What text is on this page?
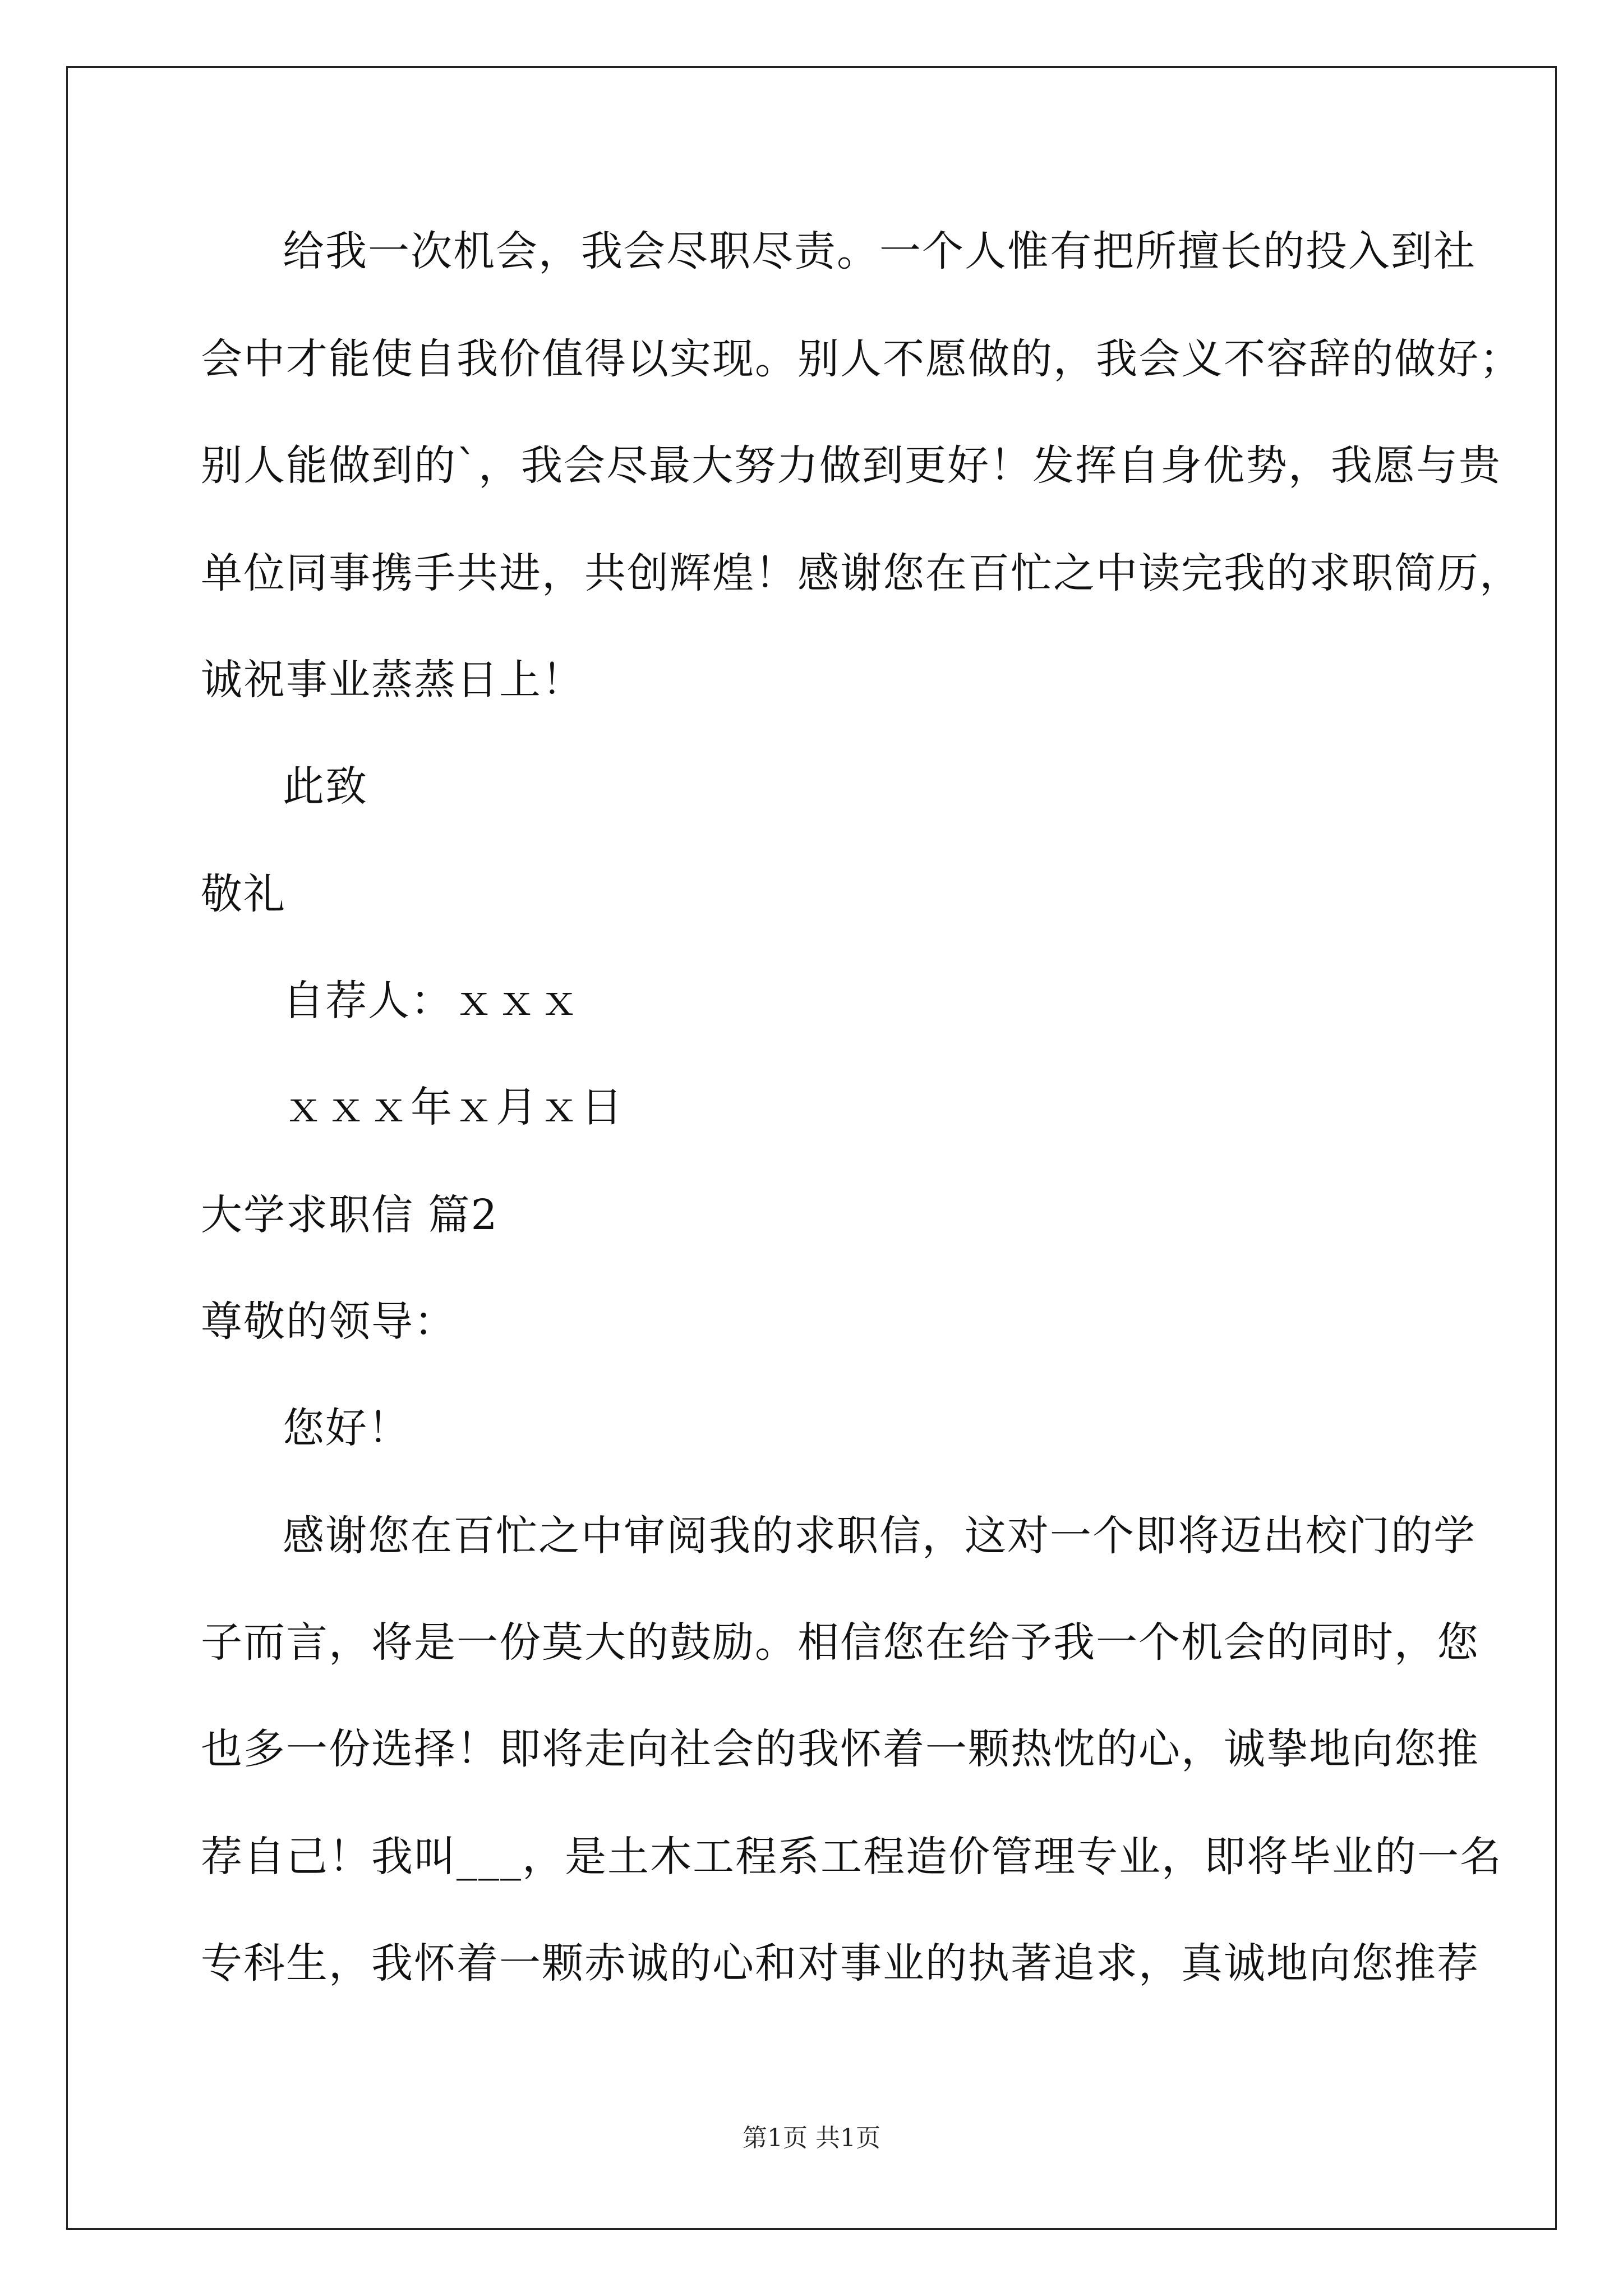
给我一次机会，我会尽职尽责。一个人惟有把所擅长的投入到社
会中才能使自我价值得以实现。别人不愿做的，我会义不容辞的做好；
别人能做到的`，我会尽最大努力做到更好！发挥自身优势，我愿与贵
单位同事携手共进，共创辉煌！感谢您在百忙之中读完我的求职简历，
诚祝事业蒸蒸日上！
此致
敬礼
自荐人：ｘｘｘ
ｘｘｘ年ｘ月ｘ日
大学求职信 篇2
尊敬的领导：
您好！
感谢您在百忙之中审阅我的求职信，这对一个即将迈出校门的学
子而言，将是一份莫大的鼓励。相信您在给予我一个机会的同时，您
也多一份选择！即将走向社会的我怀着一颗热忱的心，诚挚地向您推
荐自己！我叫___，是土木工程系工程造价管理专业，即将毕业的一名
专科生，我怀着一颗赤诚的心和对事业的执著追求，真诚地向您推荐
第1页 共1页
